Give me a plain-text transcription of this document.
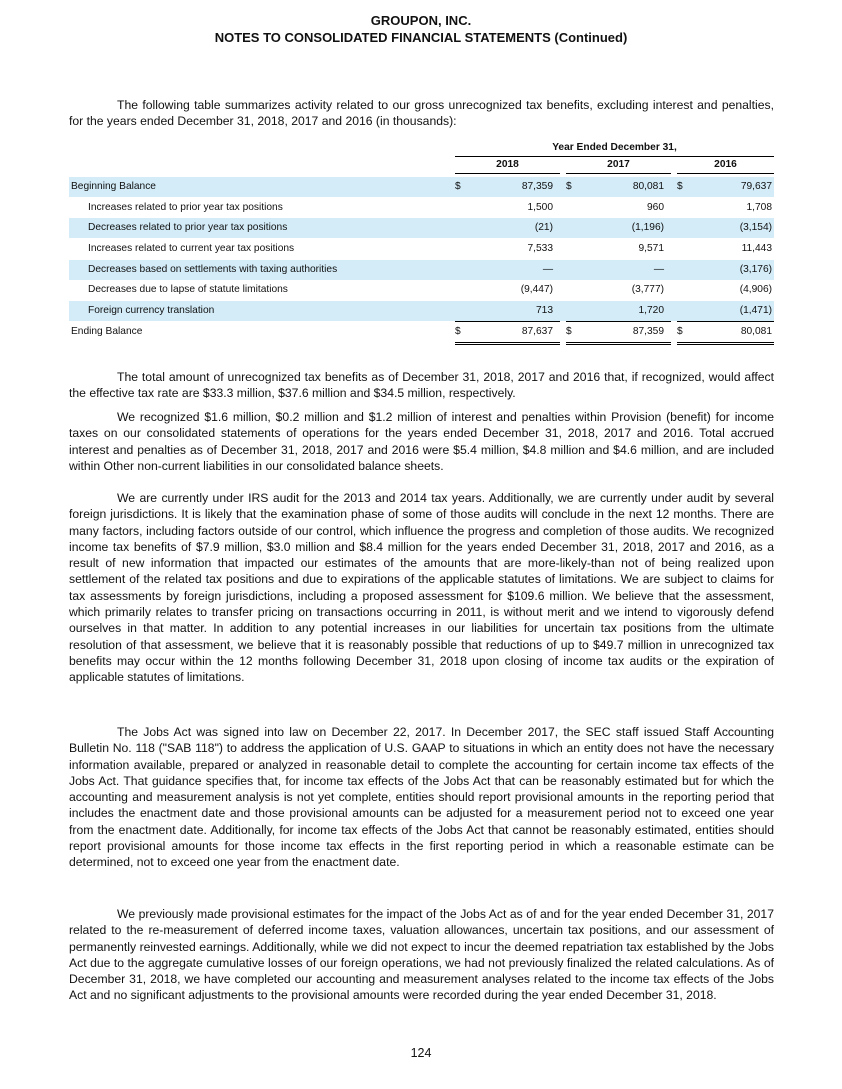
GROUPON, INC.
NOTES TO CONSOLIDATED FINANCIAL STATEMENTS (Continued)

The following table summarizes activity related to our gross unrecognized tax benefits, excluding interest and penalties, for the years ended December 31, 2018, 2017 and 2016 (in thousands):

Year Ended December 31,
2018	2017	2016
Beginning Balance	$	87,359 $	80,081 $	79,637
Increases related to prior year tax positions	1,500	960	1,708
Decreases related to prior year tax positions	(21)	(1,196)	(3,154)
Increases related to current year tax positions	7,533	9,571	11,443
Decreases based on settlements with taxing authorities	—	—	(3,176)
Decreases due to lapse of statute limitations	(9,447)	(3,777)	(4,906)
Foreign currency translation	713	1,720	(1,471)
Ending Balance	$	87,637 $	87,359 $	80,081

The total amount of unrecognized tax benefits as of December 31, 2018, 2017 and 2016 that, if recognized, would affect the effective tax rate are $33.3 million, $37.6 million and $34.5 million, respectively.

We recognized $1.6 million, $0.2 million and $1.2 million of interest and penalties within Provision (benefit) for income taxes on our consolidated statements of operations for the years ended December 31, 2018, 2017 and 2016. Total accrued interest and penalties as of December 31, 2018, 2017 and 2016 were $5.4 million, $4.8 million and $4.6 million, and are included within Other non-current liabilities in our consolidated balance sheets.

We are currently under IRS audit for the 2013 and 2014 tax years. Additionally, we are currently under audit by several foreign jurisdictions. It is likely that the examination phase of some of those audits will conclude in the next 12 months. There are many factors, including factors outside of our control, which influence the progress and completion of those audits. We recognized income tax benefits of $7.9 million, $3.0 million and $8.4 million for the years ended December 31, 2018, 2017 and 2016, as a result of new information that impacted our estimates of the amounts that are more-likely-than not of being realized upon settlement of the related tax positions and due to expirations of the applicable statutes of limitations. We are subject to claims for tax assessments by foreign jurisdictions, including a proposed assessment for $109.6 million. We believe that the assessment, which primarily relates to transfer pricing on transactions occurring in 2011, is without merit and we intend to vigorously defend ourselves in that matter. In addition to any potential increases in our liabilities for uncertain tax positions from the ultimate resolution of that assessment, we believe that it is reasonably possible that reductions of up to $49.7 million in unrecognized tax benefits may occur within the 12 months following December 31, 2018 upon closing of income tax audits or the expiration of applicable statutes of limitations.

The Jobs Act was signed into law on December 22, 2017. In December 2017, the SEC staff issued Staff Accounting Bulletin No. 118 ("SAB 118") to address the application of U.S. GAAP to situations in which an entity does not have the necessary information available, prepared or analyzed in reasonable detail to complete the accounting for certain income tax effects of the Jobs Act. That guidance specifies that, for income tax effects of the Jobs Act that can be reasonably estimated but for which the accounting and measurement analysis is not yet complete, entities should report provisional amounts in the reporting period that includes the enactment date and those provisional amounts can be adjusted for a measurement period not to exceed one year from the enactment date. Additionally, for income tax effects of the Jobs Act that cannot be reasonably estimated, entities should report provisional amounts for those income tax effects in the first reporting period in which a reasonable estimate can be determined, not to exceed one year from the enactment date.

We previously made provisional estimates for the impact of the Jobs Act as of and for the year ended December 31, 2017 related to the re-measurement of deferred income taxes, valuation allowances, uncertain tax positions, and our assessment of permanently reinvested earnings. Additionally, while we did not expect to incur the deemed repatriation tax established by the Jobs Act due to the aggregate cumulative losses of our foreign operations, we had not previously finalized the related calculations. As of December 31, 2018, we have completed our accounting and measurement analyses related to the income tax effects of the Jobs Act and no significant adjustments to the provisional amounts were recorded during the year ended December 31, 2018.

124
